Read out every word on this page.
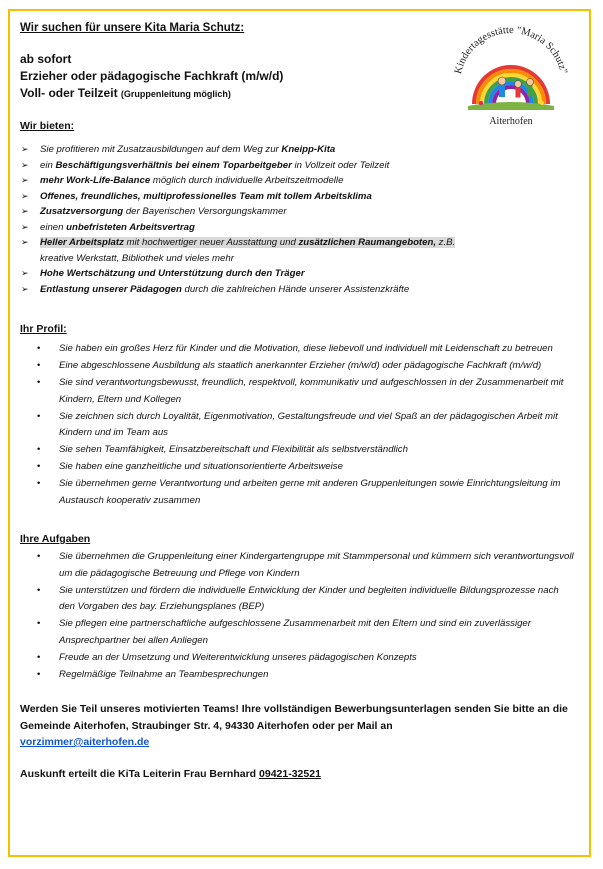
Kindertagesstätte "Maria Schutz"
Aiterhofen
Wir suchen für unsere Kita Maria Schutz:
ab sofort
Erzieher oder pädagogische Fachkraft (m/w/d)
Voll- oder Teilzeit (Gruppenleitung möglich)
Wir bieten:
➢ Sie profitieren mit Zusatzausbildungen auf dem Weg zur Kneipp-Kita
➢ ein Beschäftigungsverhältnis bei einem Toparbeitgeber in Vollzeit oder Teilzeit
➢ mehr Work-Life-Balance möglich durch individuelle Arbeitszeitmodelle
➢ Offenes, freundliches, multiprofessionelles Team mit tollem Arbeitsklima
➢ Zusatzversorgung der Bayerischen Versorgungskammer
➢ einen unbefristeten Arbeitsvertrag
➢ Heller Arbeitsplatz mit hochwertiger neuer Ausstattung und zusätzlichen Raumangeboten, z.B.
kreative Werkstatt, Bibliothek und vieles mehr
➢ Hohe Wertschätzung und Unterstützung durch den Träger
➢ Entlastung unserer Pädagogen durch die zahlreichen Hände unserer Assistenzkräfte
Ihr Profil:
• Sie haben ein großes Herz für Kinder und die Motivation, diese liebevoll und individuell mit Leidenschaft zu betreuen
• Eine abgeschlossene Ausbildung als staatlich anerkannter Erzieher (m/w/d) oder pädagogische Fachkraft (m/w/d)
• Sie sind verantwortungsbewusst, freundlich, respektvoll, kommunikativ und aufgeschlossen in der Zusammenarbeit mit Kindern, Eltern und Kollegen
• Sie zeichnen sich durch Loyalität, Eigenmotivation, Gestaltungsfreude und viel Spaß an der pädagogischen Arbeit mit Kindern und im Team aus
• Sie sehen Teamfähigkeit, Einsatzbereitschaft und Flexibilität als selbstverständlich
• Sie haben eine ganzheitliche und situationsorientierte Arbeitsweise
• Sie übernehmen gerne Verantwortung und arbeiten gerne mit anderen Gruppenleitungen sowie Einrichtungsleitung im Austausch kooperativ zusammen
Ihre Aufgaben
• Sie übernehmen die Gruppenleitung einer Kindergartengruppe mit Stammpersonal und kümmern sich verantwortungsvoll um die pädagogische Betreuung und Pflege von Kindern
• Sie unterstützen und fördern die individuelle Entwicklung der Kinder und begleiten individuelle Bildungsprozesse nach den Vorgaben des bay. Erziehungsplanes (BEP)
• Sie pflegen eine partnerschaftliche aufgeschlossene Zusammenarbeit mit den Eltern und sind ein zuverlässiger Ansprechpartner bei allen Anliegen
• Freude an der Umsetzung und Weiterentwicklung unseres pädagogischen Konzepts
• Regelmäßige Teilnahme an Teambesprechungen
Werden Sie Teil unseres motivierten Teams! Ihre vollständigen Bewerbungsunterlagen senden Sie bitte an die Gemeinde Aiterhofen, Straubinger Str. 4, 94330 Aiterhofen oder per Mail an
vorzimmer@aiterhofen.de
Auskunft erteilt die KiTa Leiterin Frau Bernhard 09421-32521
